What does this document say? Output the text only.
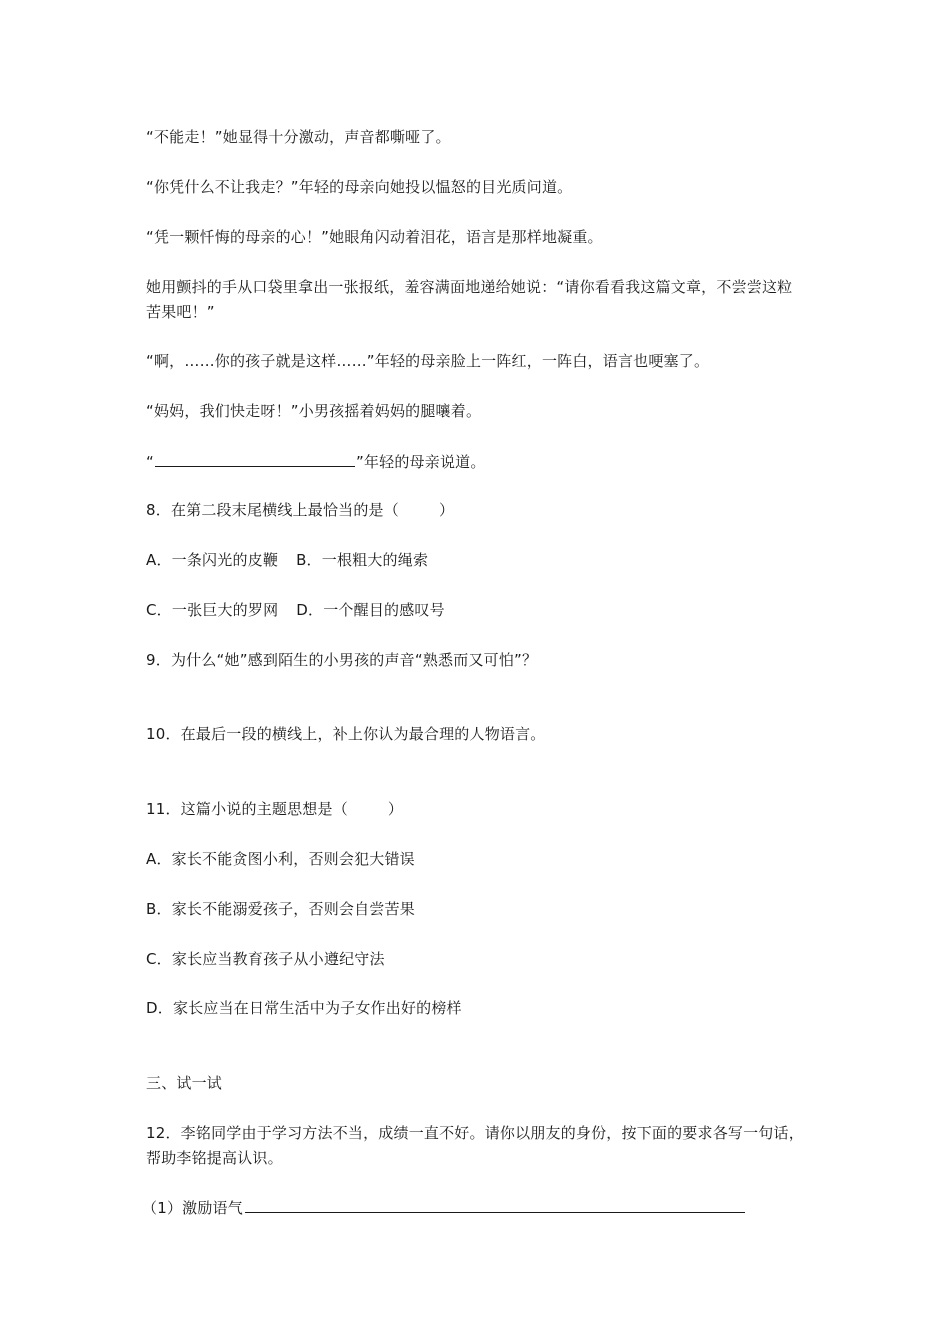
“不能走！”她显得十分激动，声音都嘶哑了。
“你凭什么不让我走？”年轻的母亲向她投以愠怒的目光质问道。
“凭一颗忏悔的母亲的心！”她眼角闪动着泪花，语言是那样地凝重。
她用颤抖的手从口袋里拿出一张报纸，羞容满面地递给她说：“请你看看我这篇文章，不尝尝这粒苦果吧！”
“啊，……你的孩子就是这样……”年轻的母亲脸上一阵红，一阵白，语言也哽塞了。
“妈妈，我们快走呀！”小男孩摇着妈妈的腿嚷着。
“	”年轻的母亲说道。
8．在第二段末尾横线上最恰当的是（	）
A．一条闪光的皮鞭 B．一根粗大的绳索
C．一张巨大的罗网 D．一个醒目的感叹号
9．为什么“她”感到陌生的小男孩的声音“熟悉而又可怕”？
10．在最后一段的横线上，补上你认为最合理的人物语言。
11．这篇小说的主题思想是（	）
A．家长不能贪图小利，否则会犯大错误
B．家长不能溺爱孩子，否则会自尝苦果
C．家长应当教育孩子从小遵纪守法
D．家长应当在日常生活中为子女作出好的榜样
三、试一试
12．李铭同学由于学习方法不当，成绩一直不好。请你以朋友的身份，按下面的要求各写一句话，帮助李铭提高认识。
（1）激励语气
